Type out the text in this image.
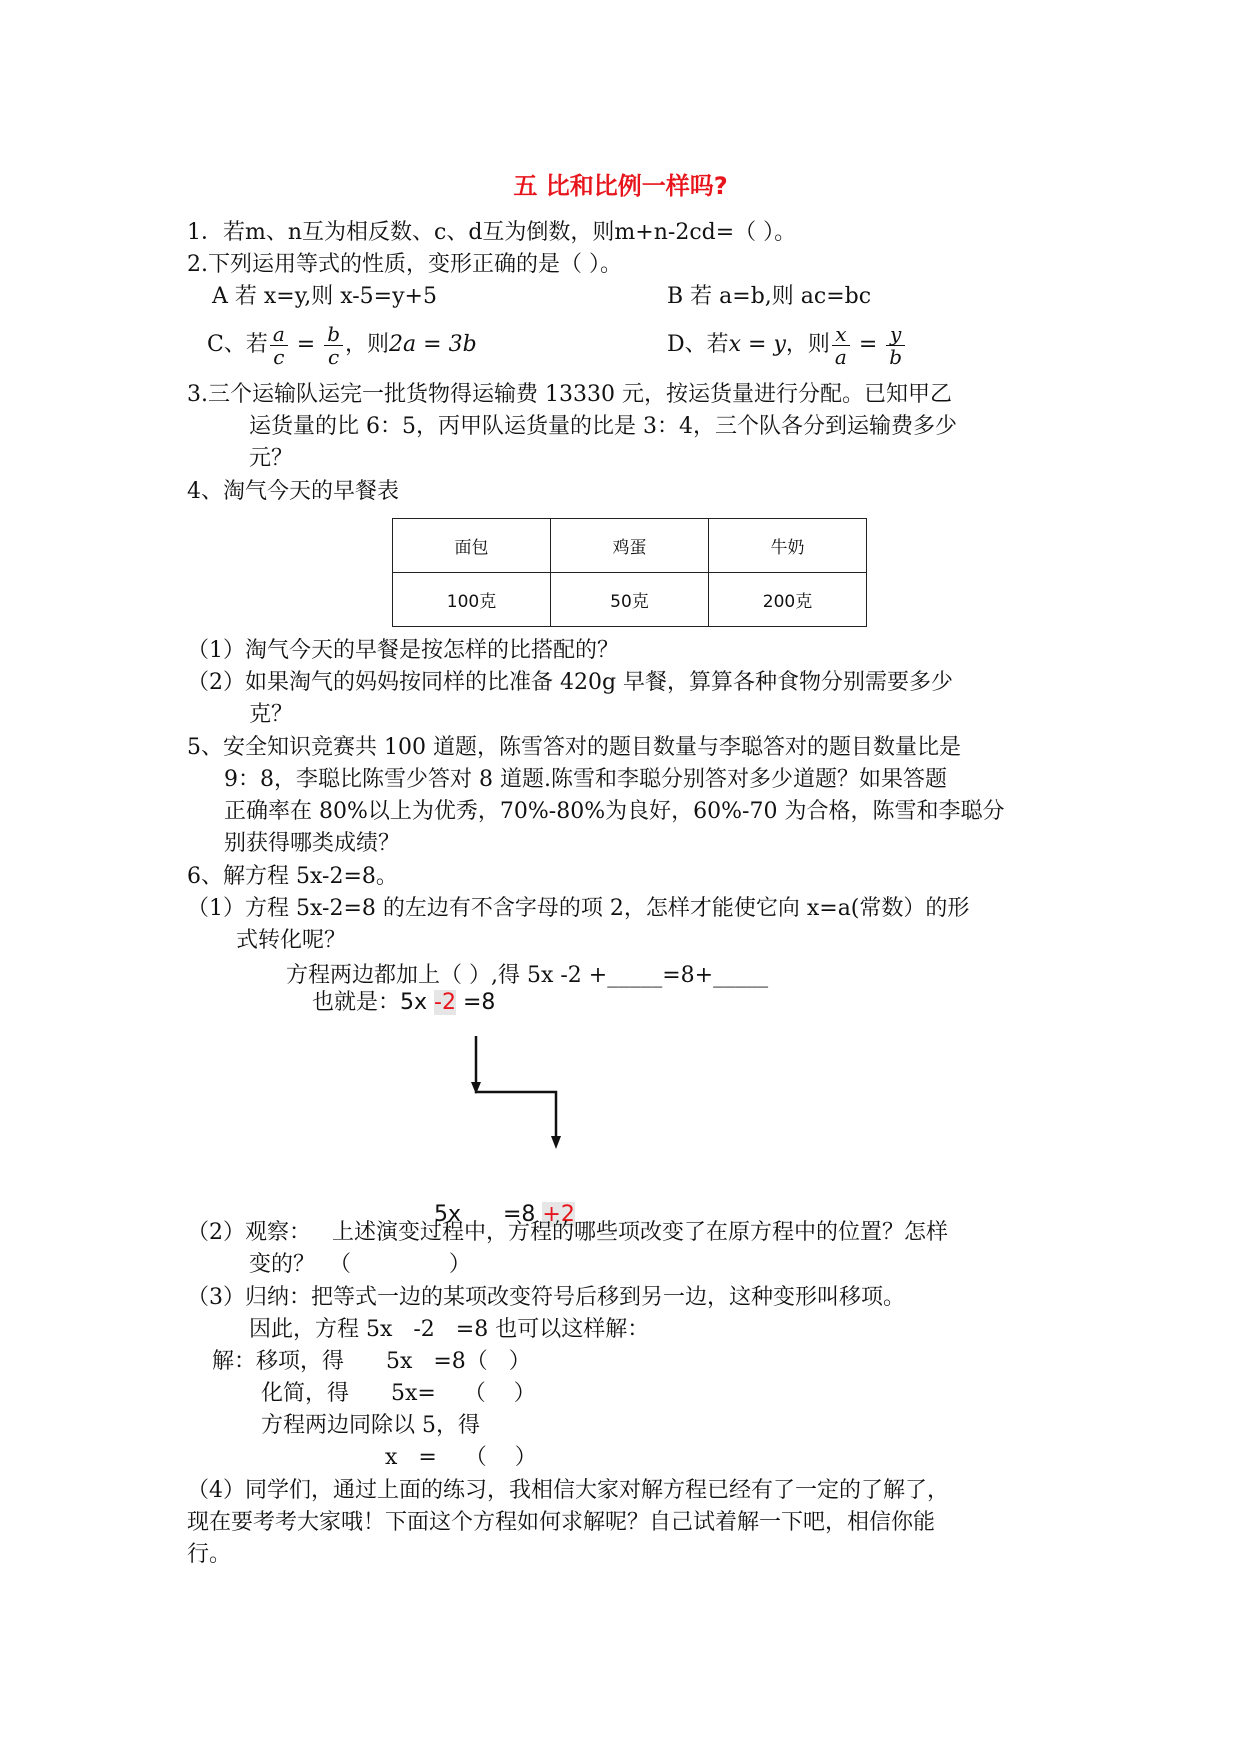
五 比和比例一样吗?
1．若m、n互为相反数、c、d互为倒数，则m+n-2cd=（ ）。
2.下列运用等式的性质，变形正确的是（ ）。
A 若 x=y,则 x-5=y+5	B 若 a=b,则 ac=bc
C、若 $\frac{a}{c} = \frac{b}{c}$ ，则2a = 3b	D、若x = y，则 $\frac{x}{a} = \frac{y}{b}$
3.三个运输队运完一批货物得运输费 13330 元，按运货量进行分配。已知甲乙
运货量的比 6：5，丙甲队运货量的比是 3：4，三个队各分到运输费多少
元？
4、淘气今天的早餐表
面包	鸡蛋	牛奶
100克	50克	200克
（1）淘气今天的早餐是按怎样的比搭配的？
（2）如果淘气的妈妈按同样的比准备 420g 早餐，算算各种食物分别需要多少
克？
5、安全知识竞赛共 100 道题，陈雪答对的题目数量与李聪答对的题目数量比是
9：8，李聪比陈雪少答对 8 道题.陈雪和李聪分别答对多少道题？如果答题
正确率在 80%以上为优秀，70%-80%为良好，60%-70 为合格，陈雪和李聪分
别获得哪类成绩？
6、解方程 5x-2=8。
（1）方程 5x-2=8 的左边有不含字母的项 2，怎样才能使它向 x=a(常数）的形
式转化呢？
方程两边都加上（ ）,得 5x -2 +_____=8+_____
也就是：5x -2 =8

5x      =8 +2

（2）观察：   上述演变过程中，方程的哪些项改变了在原方程中的位置？怎样
变的？  （              ）
（3）归纳：把等式一边的某项改变符号后移到另一边，这种变形叫移项。
因此，方程 5x   -2   =8 也可以这样解：
解：移项，得      5x   =8（   ）
化简，得      5x=    （    ）
方程两边同除以 5，得
x   =    （    ）
（4）同学们，通过上面的练习，我相信大家对解方程已经有了一定的了解了，
现在要考考大家哦！下面这个方程如何求解呢？自己试着解一下吧，相信你能
行。
